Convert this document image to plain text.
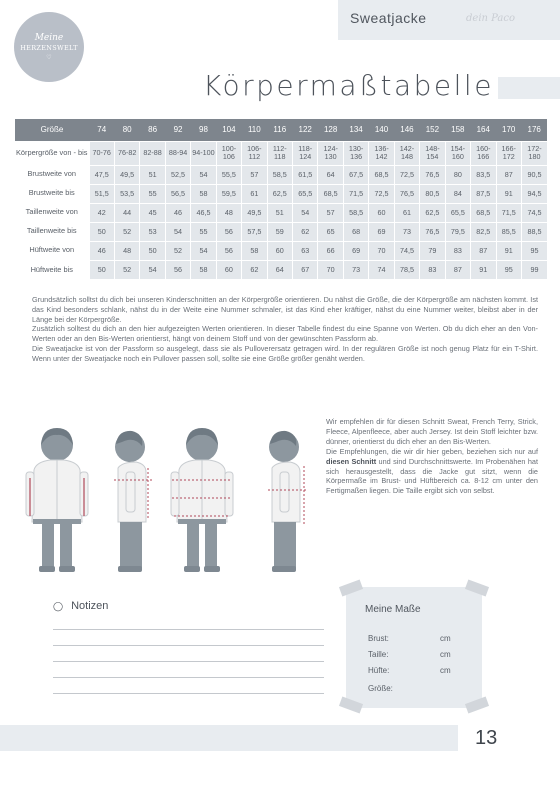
Meine
HERZENSWELT
♡
Sweatjacke	dein Paco
Körpermaßtabelle
Größe	74	80	86	92	98	104	110	116	122	128	134	140	146	152	158	164	170	176
Körpergröße von - bis	70-76	76-82	82-88	88-94	94-100	100-106	106-112	112-118	118-124	124-130	130-136	136-142	142-148	148-154	154-160	160-166	166-172	172-180
Brustweite von	47,5	49,5	51	52,5	54	55,5	57	58,5	61,5	64	67,5	68,5	72,5	76,5	80	83,5	87	90,5
Brustweite bis	51,5	53,5	55	56,5	58	59,5	61	62,5	65,5	68,5	71,5	72,5	76,5	80,5	84	87,5	91	94,5
Taillenweite von	42	44	45	46	46,5	48	49,5	51	54	57	58,5	60	61	62,5	65,5	68,5	71,5	74,5
Taillenweite bis	50	52	53	54	55	56	57,5	59	62	65	68	69	73	76,5	79,5	82,5	85,5	88,5
Hüftweite von	46	48	50	52	54	56	58	60	63	66	69	70	74,5	79	83	87	91	95
Hüftweite bis	50	52	54	56	58	60	62	64	67	70	73	74	78,5	83	87	91	95	99

Grundsätzlich solltst du dich bei unseren Kinderschnitten an der Körpergröße orientieren. Du nähst die Größe, die der Körpergröße am nächsten kommt. Ist das Kind besonders schlank, nähst du in der Weite eine Nummer schmaler, ist das Kind eher kräftiger, nähst du eine Nummer weiter, bleibst aber in der Länge bei der Körpergröße.

Zusätzlich solltest du dich an den hier aufgezeigten Werten orientieren. In dieser Tabelle findest du eine Spanne von Werten. Ob du dich eher an den Von-Werten oder an den Bis-Werten orientierst, hängt von deinem Stoff und von der gewünschten Passform ab.

Die Sweatjacke ist von der Passform so ausgelegt, dass sie als Pulloverersatz getragen wird. In der regulären Größe ist noch genug Platz für ein T-Shirt. Wenn unter der Sweatjacke noch ein Pullover passen soll, sollte sie eine Größe größer genäht werden.

Wir empfehlen dir für diesen Schnitt Sweat, French Terry, Strick, Fleece, Alpenfleece, aber auch Jersey. Ist dein Stoff leichter bzw. dünner, orientierst du dich eher an den Bis-Werten.

Die Empfehlungen, die wir dir hier geben, beziehen sich nur auf diesen Schnitt und sind Durchschnittswerte. Im Probenähen hat sich herausgestellt, dass die Jacke gut sitzt, wenn die Körpermaße im Brust- und Hüftbereich ca. 8-12 cm unter den Fertigmaßen liegen. Die Taille ergibt sich von selbst.

◯ Notizen	Meine Maße
Brust:	cm
Taille:	cm
Hüfte:	cm
Größe:
13
